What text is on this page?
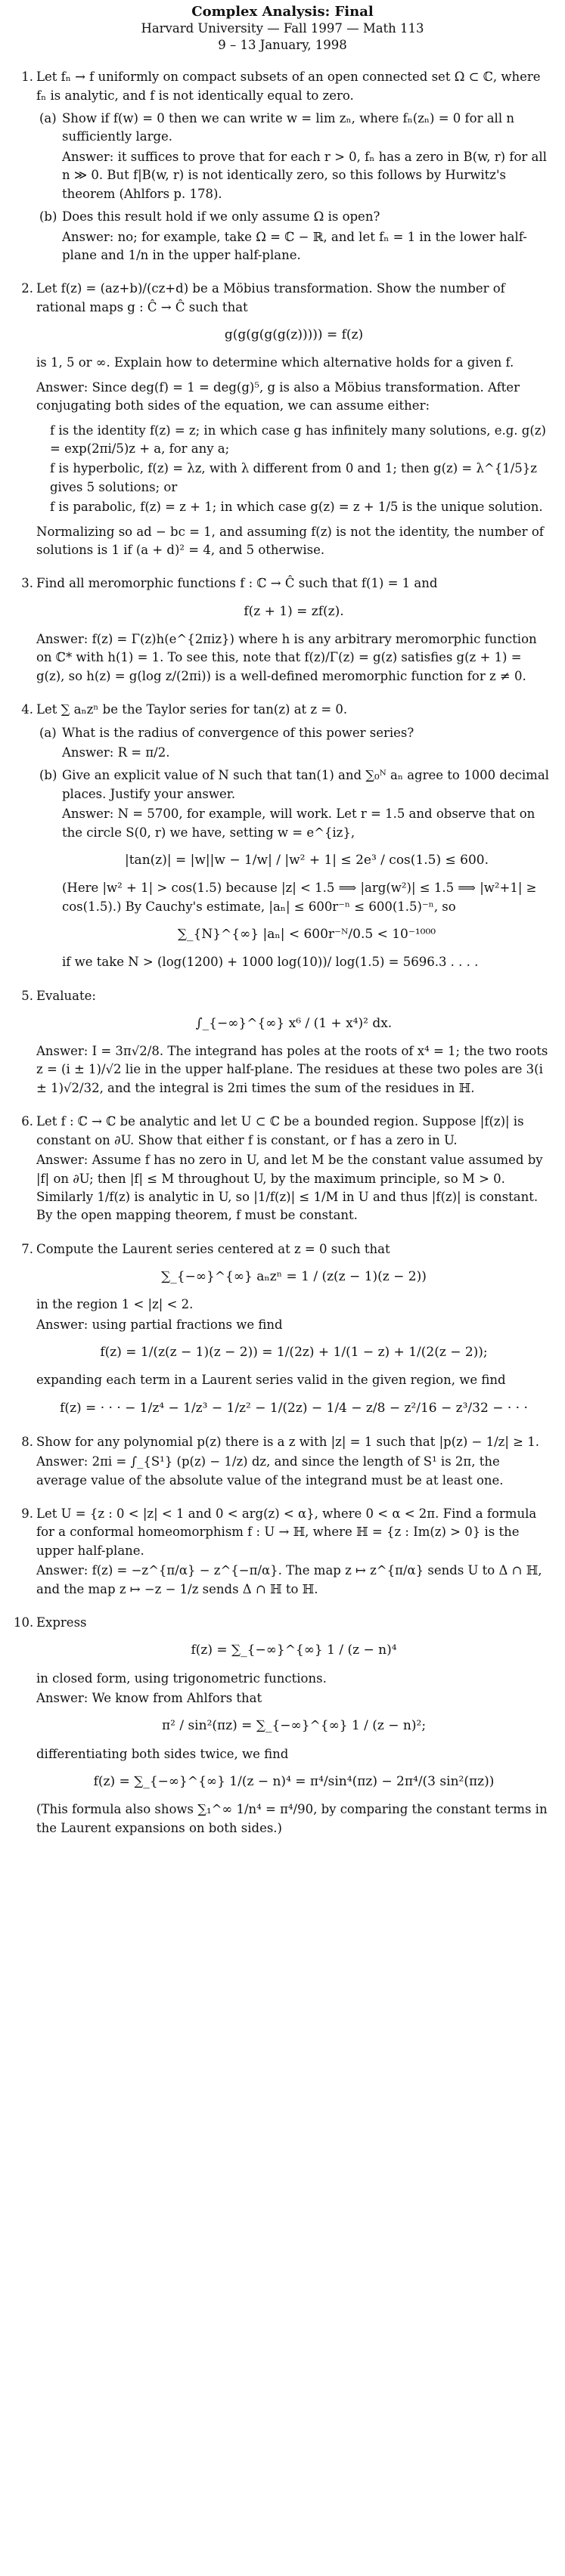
Complex Analysis: Final
Harvard University — Fall 1997 — Math 113
9 – 13 January, 1998
1. Let fₙ → f uniformly on compact subsets of an open connected set Ω ⊂ ℂ, where fₙ is analytic, and f is not identically equal to zero.

(a) Show if f(w) = 0 then we can write w = lim zₙ, where fₙ(zₙ) = 0 for all n sufficiently large.

Answer: it suffices to prove that for each r > 0, fₙ has a zero in B(w, r) for all n ≫ 0. But f|B(w, r) is not identically zero, so this follows by Hurwitz's theorem (Ahlfors p. 178).

(b) Does this result hold if we only assume Ω is open?

Answer: no; for example, take Ω = ℂ − ℝ, and let fₙ = 1 in the lower half-plane and 1/n in the upper half-plane.

2. Let f(z) = (az+b)/(cz+d) be a Möbius transformation. Show the number of rational maps g : Ĉ → Ĉ such that

g(g(g(g(g(z))))) = f(z)

is 1, 5 or ∞. Explain how to determine which alternative holds for a given f.

Answer: Since deg(f) = 1 = deg(g)⁵, g is also a Möbius transformation. After conjugating both sides of the equation, we can assume either:

f is the identity f(z) = z; in which case g has infinitely many solutions, e.g. g(z) = exp(2πi/5)z + a, for any a;

f is hyperbolic, f(z) = λz, with λ different from 0 and 1; then g(z) = λ^{1/5}z gives 5 solutions; or

f is parabolic, f(z) = z + 1; in which case g(z) = z + 1/5 is the unique solution.

Normalizing so ad − bc = 1, and assuming f(z) is not the identity, the number of solutions is 1 if (a + d)² = 4, and 5 otherwise.

3. Find all meromorphic functions f : ℂ → Ĉ such that f(1) = 1 and

f(z + 1) = zf(z).

Answer: f(z) = Γ(z)h(e^{2πiz}) where h is any arbitrary meromorphic function on ℂ* with h(1) = 1. To see this, note that f(z)/Γ(z) = g(z) satisfies g(z + 1) = g(z), so h(z) = g(log z/(2πi)) is a well-defined meromorphic function for z ≠ 0.

4. Let ∑ aₙzⁿ be the Taylor series for tan(z) at z = 0.

(a) What is the radius of convergence of this power series?

Answer: R = π/2.

(b) Give an explicit value of N such that tan(1) and ∑₀ᴺ aₙ agree to 1000 decimal places. Justify your answer.

Answer: N = 5700, for example, will work. Let r = 1.5 and observe that on the circle S(0, r) we have, setting w = e^{iz},

|tan(z)| = |w||w − 1/w| / |w² + 1| ≤ 2e³ / cos(1.5) ≤ 600.

(Here |w² + 1| > cos(1.5) because |z| < 1.5 ⟹ |arg(w²)| ≤ 1.5 ⟹ |w²+1| ≥ cos(1.5).) By Cauchy's estimate, |aₙ| ≤ 600r⁻ⁿ ≤ 600(1.5)⁻ⁿ, so

∑_{N}^{∞} |aₙ| < 600r⁻ᴺ/0.5 < 10⁻¹⁰⁰⁰

if we take N > (log(1200) + 1000 log(10))/ log(1.5) = 5696.3 . . . .

5. Evaluate:

∫_{−∞}^{∞} x⁶ / (1 + x⁴)² dx.

Answer: I = 3π√2/8. The integrand has poles at the roots of x⁴ = 1; the two roots z = (i ± 1)/√2 lie in the upper half-plane. The residues at these two poles are 3(i ± 1)√2/32, and the integral is 2πi times the sum of the residues in ℍ.

6. Let f : ℂ → ℂ be analytic and let U ⊂ ℂ be a bounded region. Suppose |f(z)| is constant on ∂U. Show that either f is constant, or f has a zero in U.

Answer: Assume f has no zero in U, and let M be the constant value assumed by |f| on ∂U; then |f| ≤ M throughout U, by the maximum principle, so M > 0. Similarly 1/f(z) is analytic in U, so |1/f(z)| ≤ 1/M in U and thus |f(z)| is constant. By the open mapping theorem, f must be constant.

7. Compute the Laurent series centered at z = 0 such that

∑_{−∞}^{∞} aₙzⁿ = 1 / (z(z − 1)(z − 2))

in the region 1 < |z| < 2.

Answer: using partial fractions we find

f(z) = 1/(z(z − 1)(z − 2)) = 1/(2z) + 1/(1 − z) + 1/(2(z − 2));

expanding each term in a Laurent series valid in the given region, we find

f(z) = · · · − 1/z⁴ − 1/z³ − 1/z² − 1/(2z) − 1/4 − z/8 − z²/16 − z³/32 − · · ·
8. Show for any polynomial p(z) there is a z with |z| = 1 such that |p(z) − 1/z| ≥ 1.

Answer: 2πi = ∫_{S¹} (p(z) − 1/z) dz, and since the length of S¹ is 2π, the average value of the absolute value of the integrand must be at least one.

9. Let U = {z : 0 < |z| < 1 and 0 < arg(z) < α}, where 0 < α < 2π. Find a formula for a conformal homeomorphism f : U → ℍ, where ℍ = {z : Im(z) > 0} is the upper half-plane.

Answer: f(z) = −z^{π/α} − z^{−π/α}. The map z ↦ z^{π/α} sends U to Δ ∩ ℍ, and the map z ↦ −z − 1/z sends Δ ∩ ℍ to ℍ.

10. Express

f(z) = ∑_{−∞}^{∞} 1 / (z − n)⁴

in closed form, using trigonometric functions.

Answer: We know from Ahlfors that

π² / sin²(πz) = ∑_{−∞}^{∞} 1 / (z − n)²;

differentiating both sides twice, we find

f(z) = ∑_{−∞}^{∞} 1/(z − n)⁴ = π⁴/sin⁴(πz) − 2π⁴/(3 sin²(πz))

(This formula also shows ∑₁^∞ 1/n⁴ = π⁴/90, by comparing the constant terms in the Laurent expansions on both sides.)
